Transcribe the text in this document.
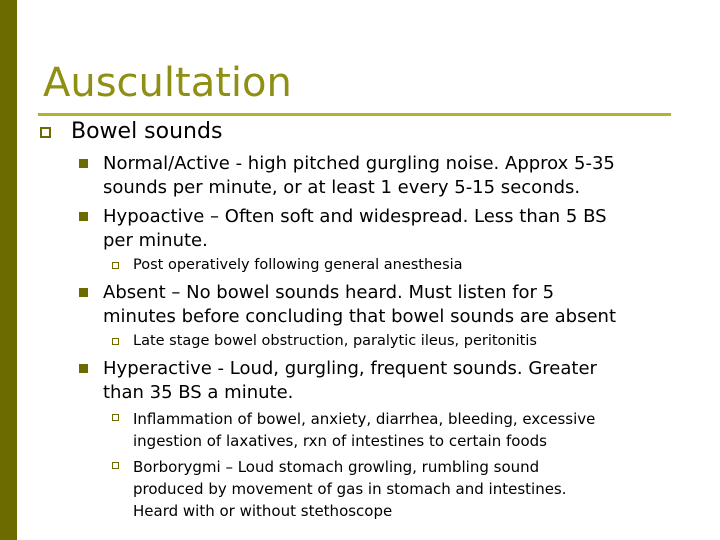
Auscultation
Bowel sounds
Normal/Active - high pitched gurgling noise. Approx 5-35
sounds per minute, or at least 1 every 5-15 seconds.
Hypoactive – Often soft and widespread. Less than 5 BS
per minute.
Post operatively following general anesthesia
Absent – No bowel sounds heard. Must listen for 5
minutes before concluding that bowel sounds are absent
Late stage bowel obstruction, paralytic ileus, peritonitis
Hyperactive - Loud, gurgling, frequent sounds. Greater
than 35 BS a minute.
Inflammation of bowel, anxiety, diarrhea, bleeding, excessive
ingestion of laxatives, rxn of intestines to certain foods
Borborygmi – Loud stomach growling, rumbling sound
produced by movement of gas in stomach and intestines.
Heard with or without stethoscope
